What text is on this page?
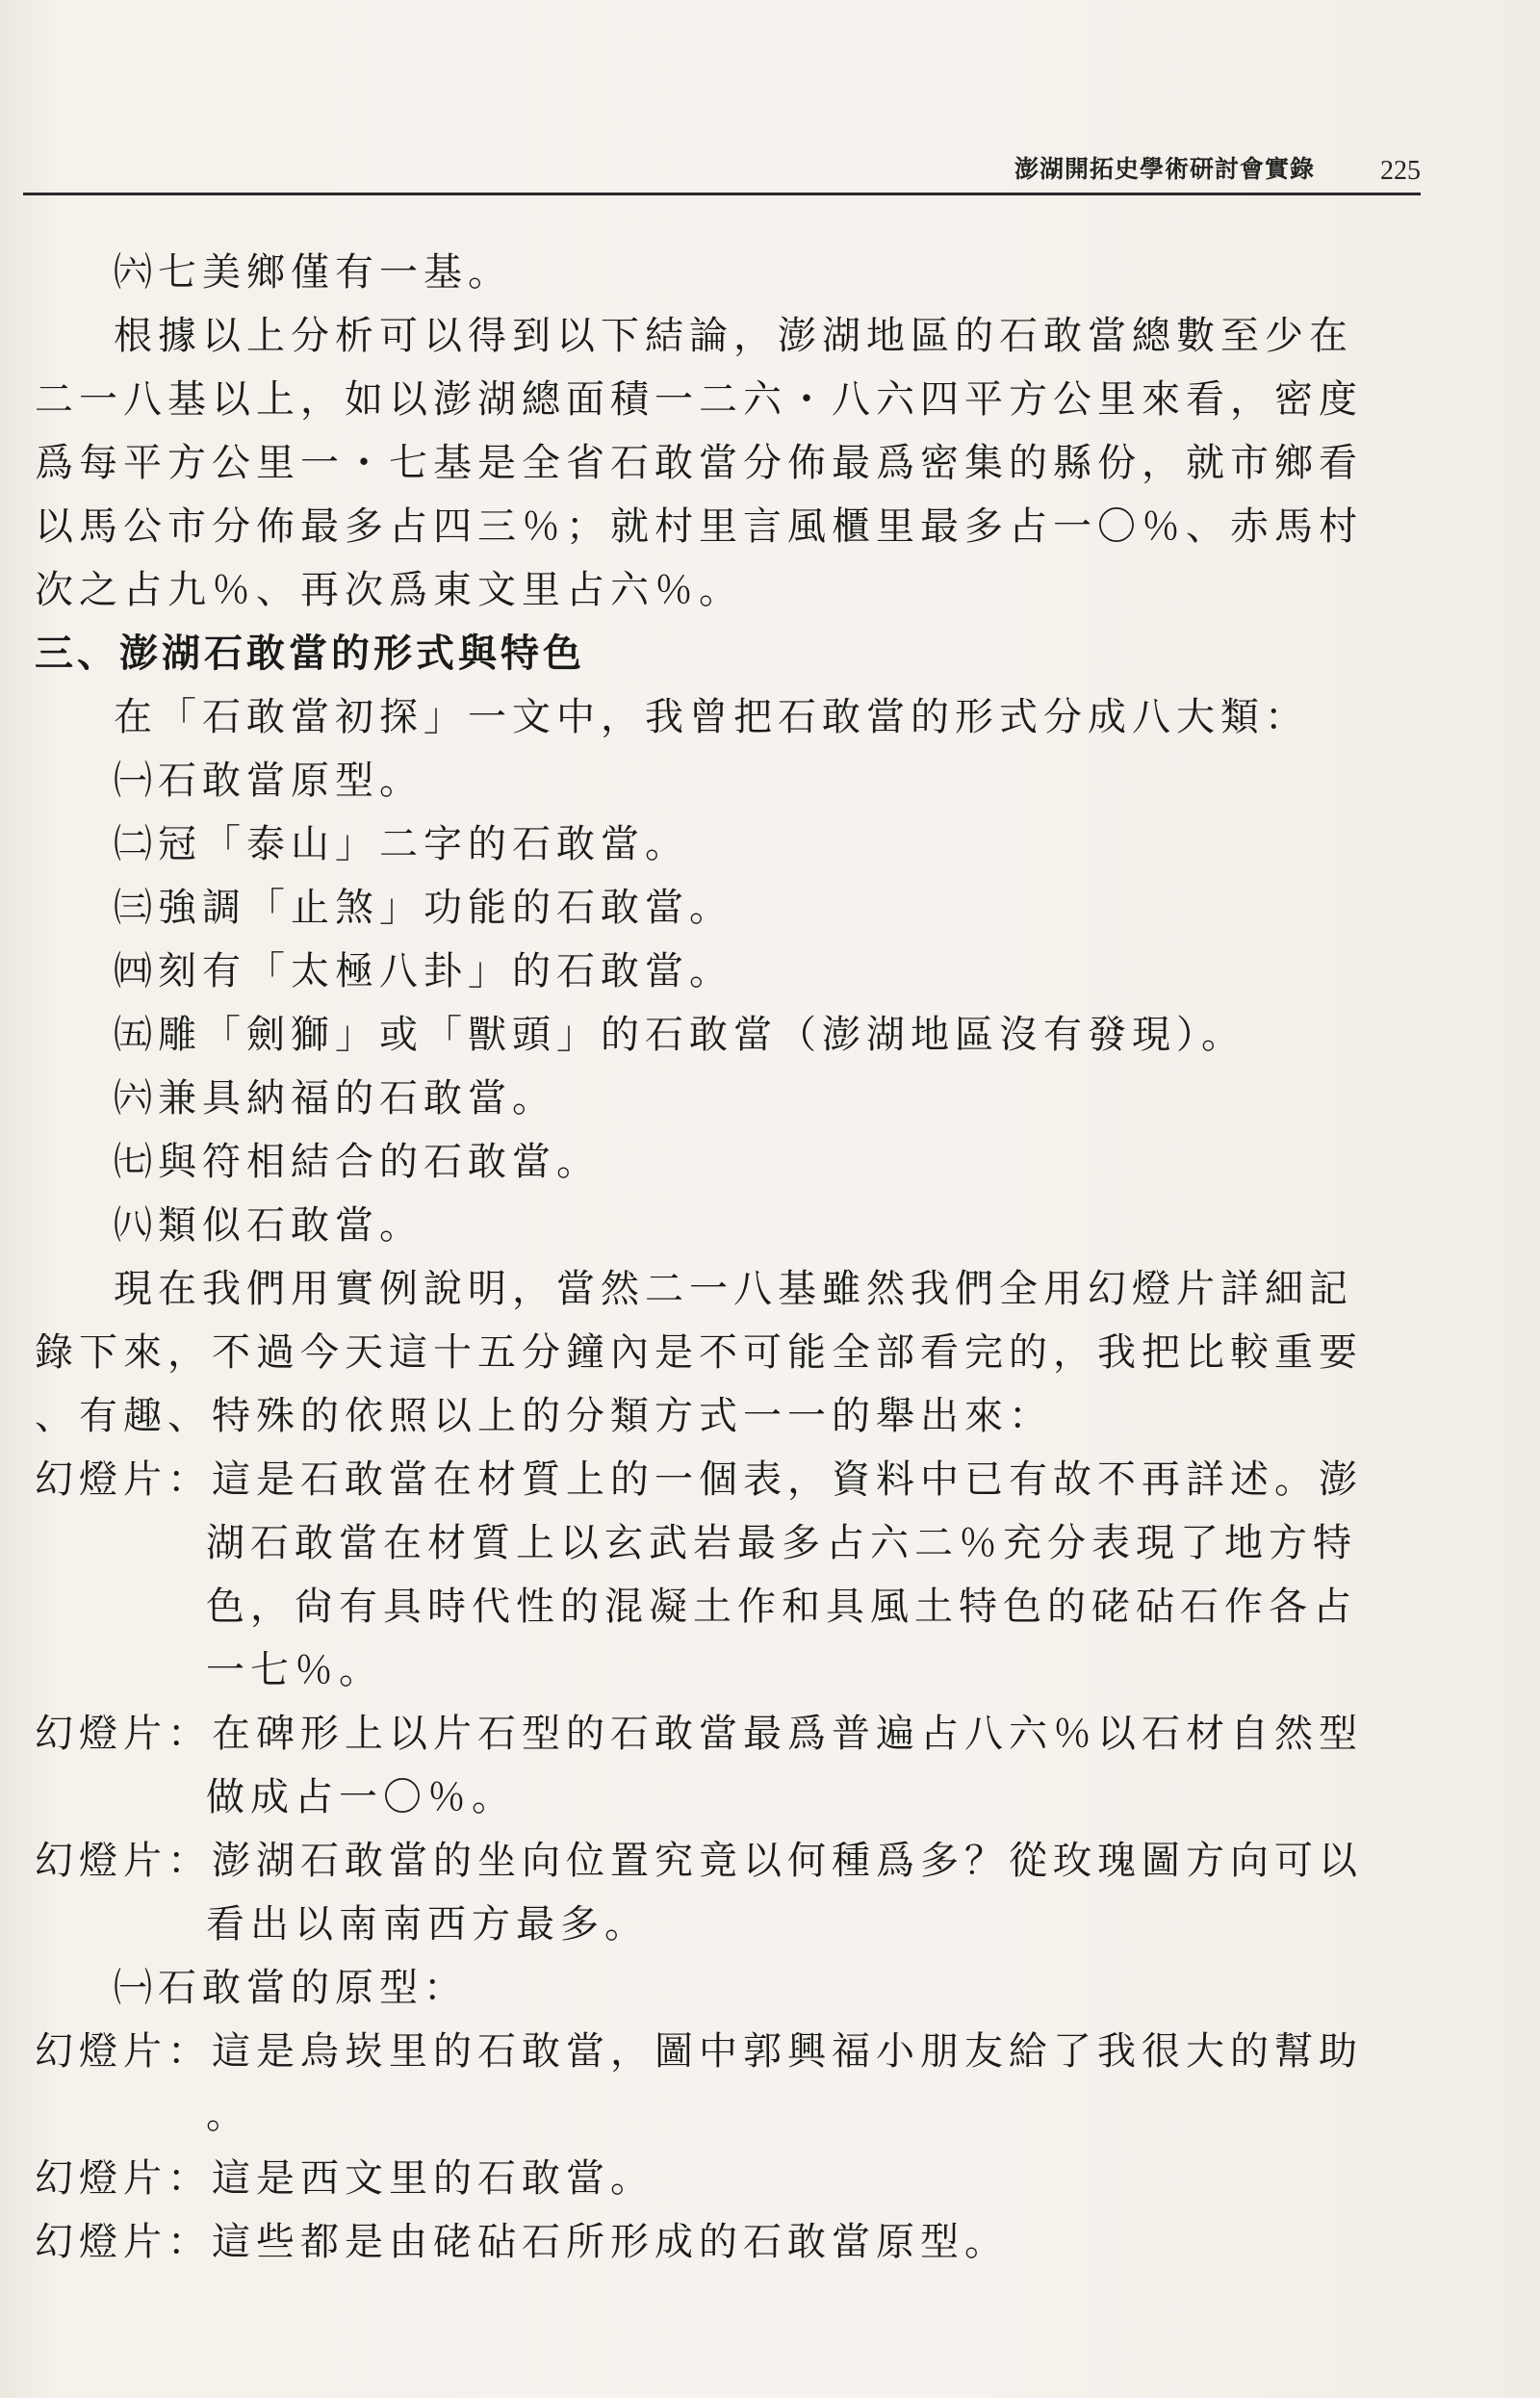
澎湖開拓史學術研討會實錄 225
㈥七美鄉僅有一基。
根據以上分析可以得到以下結論，澎湖地區的石敢當總數至少在
二一八基以上，如以澎湖總面積一二六・八六四平方公里來看，密度
爲每平方公里一・七基是全省石敢當分佈最爲密集的縣份，就市鄉看
以馬公市分佈最多占四三％；就村里言風櫃里最多占一〇％、赤馬村
次之占九％、再次爲東文里占六％。
三、澎湖石敢當的形式與特色
在「石敢當初探」一文中，我曾把石敢當的形式分成八大類：
㈠石敢當原型。
㈡冠「泰山」二字的石敢當。
㈢強調「止煞」功能的石敢當。
㈣刻有「太極八卦」的石敢當。
㈤雕「劍獅」或「獸頭」的石敢當（澎湖地區沒有發現）。
㈥兼具納福的石敢當。
㈦與符相結合的石敢當。
㈧類似石敢當。
現在我們用實例說明，當然二一八基雖然我們全用幻燈片詳細記
錄下來，不過今天這十五分鐘內是不可能全部看完的，我把比較重要
、有趣、特殊的依照以上的分類方式一一的舉出來：
幻燈片：這是石敢當在材質上的一個表，資料中已有故不再詳述。澎
湖石敢當在材質上以玄武岩最多占六二％充分表現了地方特
色，尙有具時代性的混凝土作和具風土特色的硓砧石作各占
一七％。
幻燈片：在碑形上以片石型的石敢當最爲普遍占八六％以石材自然型
做成占一〇％。
幻燈片：澎湖石敢當的坐向位置究竟以何種爲多？從玫瑰圖方向可以
看出以南南西方最多。
㈠石敢當的原型：
幻燈片：這是烏崁里的石敢當，圖中郭興福小朋友給了我很大的幫助
。
幻燈片：這是西文里的石敢當。
幻燈片：這些都是由硓砧石所形成的石敢當原型。
